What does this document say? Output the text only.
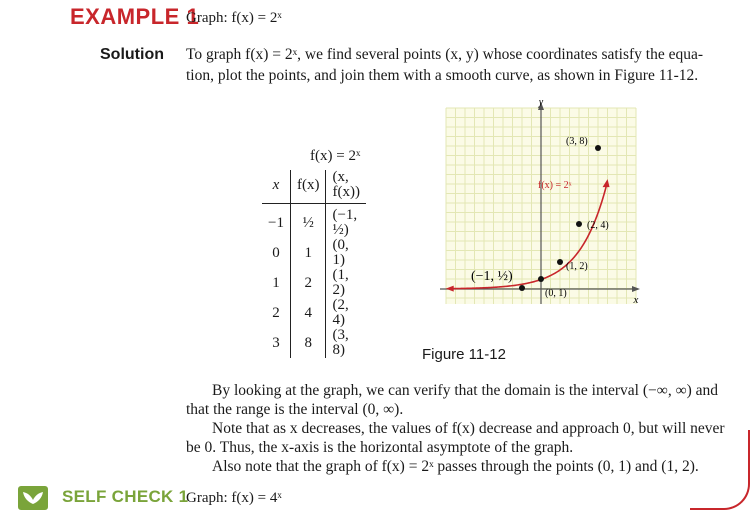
EXAMPLE 1
Graph: f(x) = 2ˣ
Solution To graph f(x) = 2ˣ, we find several points (x, y) whose coordinates satisfy the equa-
tion, plot the points, and join them with a smooth curve, as shown in Figure 11-12.
f(x) = 2ˣ
x	f(x)	(x, f(x))
−1	½	(−1, ½)
0	1	(0, 1)
1	2	(1, 2)
2	4	(2, 4)
3	8	(3, 8)
y
x
f(x) = 2ˣ
(3, 8)
(2, 4)
(1, 2)
(0, 1)
(−1, ½)
Figure 11-12
By looking at the graph, we can verify that the domain is the interval (−∞, ∞) and
that the range is the interval (0, ∞).
Note that as x decreases, the values of f(x) decrease and approach 0, but will never
be 0. Thus, the x-axis is the horizontal asymptote of the graph.
Also note that the graph of f(x) = 2ˣ passes through the points (0, 1) and (1, 2).
SELF CHECK 1
Graph: f(x) = 4ˣ
